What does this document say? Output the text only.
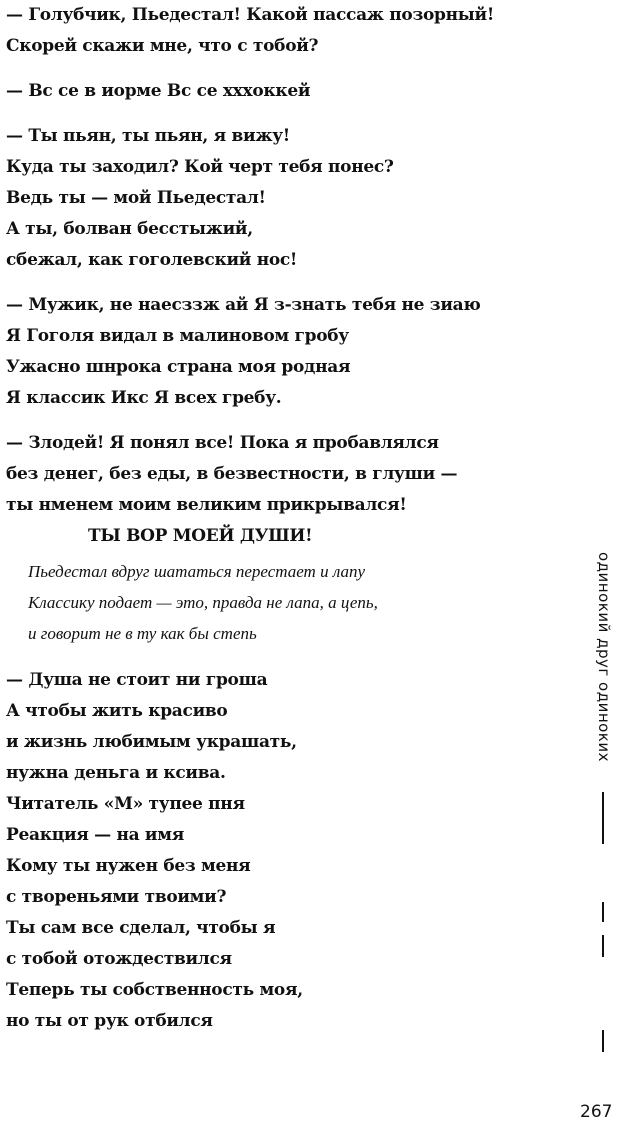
— Голубчик, Пьедестал! Какой пассаж позорный!
Скорей скажи мне, что с тобой?
— Вс се в иорме Вс се хххоккей
— Ты пьян, ты пьян, я вижу!
Куда ты заходил? Кой черт тебя понес?
Ведь ты — мой Пьедестал!
А ты, болван бесстыжий,
сбежал, как гоголевский нос!
— Мужик, не наесззж ай Я з-знать тебя не зиаю
Я Гоголя видал в малиновом гробу
Ужасно шнрока страна моя родная
Я классик Икс Я всех гребу.
— Злодей! Я понял все! Пока я пробавлялся
без денег, без еды, в безвестности, в глуши —
ты нменем моим великим прикрывался!
ТЫ ВОР МОЕЙ ДУШИ!
Пьедестал вдруг шататься перестает и лапу
Классику подает — это, правда не лапа, а цепь,
и говорит не в ту как бы степь
— Душа не стоит ни гроша
А чтобы жить красиво
и жизнь любимым украшать,
нужна деньга и ксива.
Читатель «М» тупее пня
Реакция — на имя
Кому ты нужен без меня
с твореньями твоими?
Ты сам все сделал, чтобы я
с тобой отождествился
Теперь ты собственность моя,
но ты от рук отбился
одинокий друг одиноких
267
